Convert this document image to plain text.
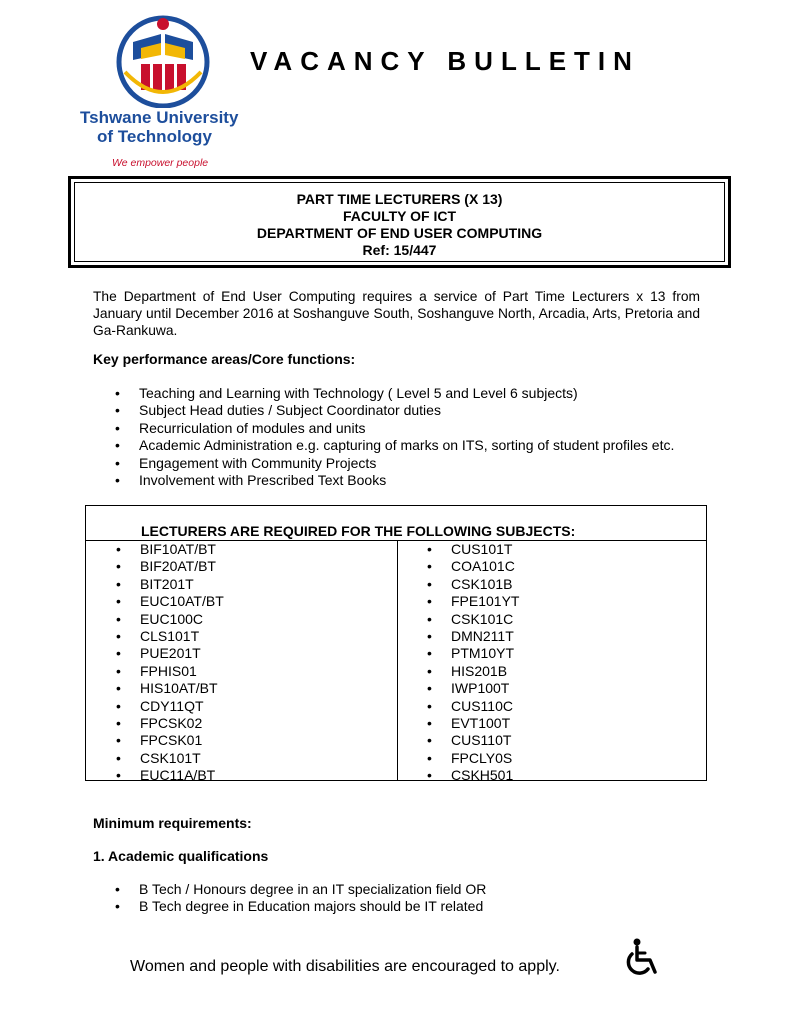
Tshwane University
of Technology
We empower people
VACANCY BULLETIN
PART TIME LECTURERS (X 13)
FACULTY OF ICT
DEPARTMENT OF END USER COMPUTING
Ref: 15/447
The Department of End User Computing requires a service of Part Time Lecturers x 13 from January until December 2016 at Soshanguve South, Soshanguve North, Arcadia, Arts, Pretoria and Ga-Rankuwa.
Key performance areas/Core functions:
• Teaching and Learning with Technology ( Level 5 and Level 6 subjects)
• Subject Head duties / Subject Coordinator duties
• Recurriculation of modules and units
• Academic Administration e.g. capturing of marks on ITS, sorting of student profiles etc.
• Engagement with Community Projects
• Involvement with Prescribed Text Books
LECTURERS ARE REQUIRED FOR THE FOLLOWING SUBJECTS:
• BIF10AT/BT
• BIF20AT/BT
• BIT201T
• EUC10AT/BT
• EUC100C
• CLS101T
• PUE201T
• FPHIS01
• HIS10AT/BT
• CDY11QT
• FPCSK02
• FPCSK01
• CSK101T
• EUC11A/BT
• CUS101T
• COA101C
• CSK101B
• FPE101YT
• CSK101C
• DMN211T
• PTM10YT
• HIS201B
• IWP100T
• CUS110C
• EVT100T
• CUS110T
• FPCLY0S
• CSKH501
Minimum requirements:
1. Academic qualifications
• B Tech / Honours degree in an IT specialization field OR
• B Tech degree in Education majors should be IT related
Women and people with disabilities are encouraged to apply.
